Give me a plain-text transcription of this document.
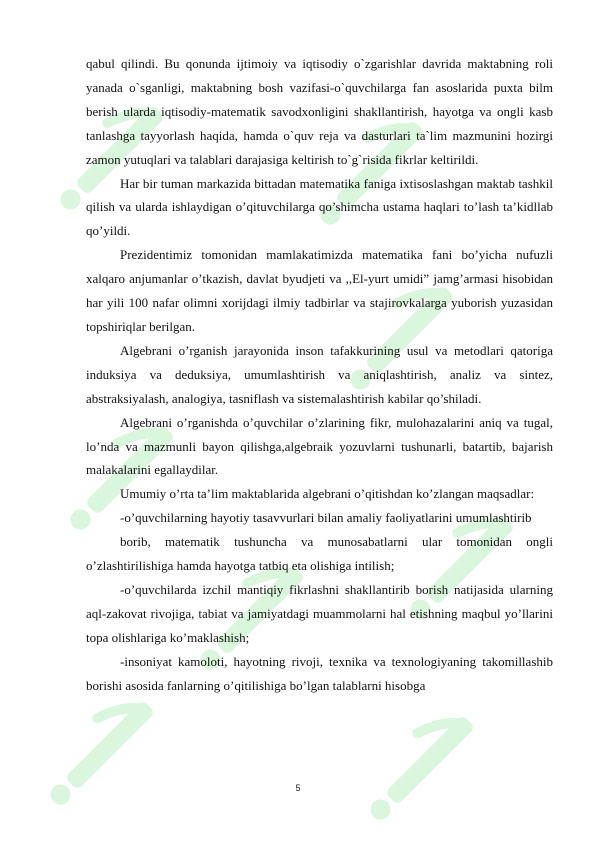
qabul qilindi. Bu qonunda ijtimoiy va iqtisodiy o`zgarishlar davrida maktabning roli yanada o`sganligi, maktabning bosh vazifasi-o`quvchilarga fan asoslarida puxta bilm berish ularda iqtisodiy-matematik savodxonligini shakllantirish, hayotga va ongli kasb tanlashga tayyorlash haqida, hamda o`quv reja va dasturlari ta`lim mazmunini hozirgi zamon yutuqlari va talablari darajasiga keltirish to`g`risida fikrlar keltirildi.

Har bir tuman markazida bittadan matematika faniga ixtisoslashgan maktab tashkil qilish va ularda ishlaydigan o’qituvchilarga qo’shimcha ustama haqlari to’lash ta’kidllab qo’yildi.

Prezidentimiz tomonidan mamlakatimizda matematika fani bo’yicha nufuzli xalqaro anjumanlar o’tkazish, davlat byudjeti va ,,El-yurt umidi” jamg’armasi hisobidan har yili 100 nafar olimni xorijdagi ilmiy tadbirlar va stajirovkalarga yuborish yuzasidan topshiriqlar berilgan.

Algebrani o’rganish jarayonida inson tafakkurining usul va metodlari qatoriga induksiya va deduksiya, umumlashtirish va aniqlashtirish, analiz va sintez, abstraksiyalash, analogiya, tasniflash va sistemalashtirish kabilar qo’shiladi.

Algebrani o’rganishda o’quvchilar o’zlarining fikr, mulohazalarini aniq va tugal, lo’nda va mazmunli bayon qilishga,algebraik yozuvlarni tushunarli, batartib, bajarish malakalarini egallaydilar.

Umumiy o’rta ta’lim maktablarida algebrani o’qitishdan ko’zlangan maqsadlar:

-o’quvchilarning hayotiy tasavvurlari bilan amaliy faoliyatlarini umumlashtirib

borib, matematik tushuncha va munosabatlarni ular tomonidan ongli o’zlashtirilishiga hamda hayotga tatbiq eta olishiga intilish;

-o’quvchilarda izchil mantiqiy fikrlashni shakllantirib borish natijasida ularning aql-zakovat rivojiga, tabiat va jamiyatdagi muammolarni hal etishning maqbul yo’llarini topa olishlariga ko’maklashish;

-insoniyat kamoloti, hayotning rivoji, texnika va texnologiyaning takomillashib borishi asosida fanlarning o’qitilishiga bo’lgan talablarni hisobga

5
